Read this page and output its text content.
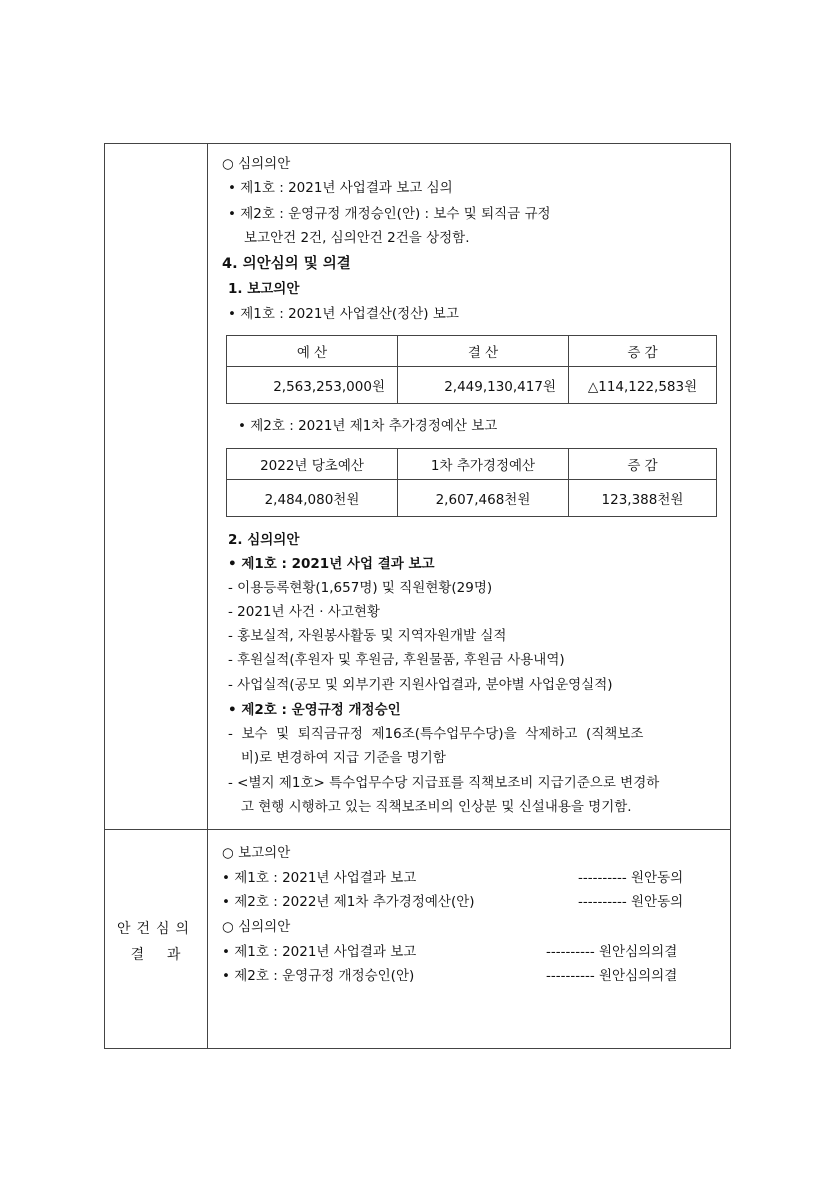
안건심의
결    과
○ 심의의안
• 제1호 : 2021년 사업결과 보고 심의
• 제2호 : 운영규정 개정승인(안) : 보수 및 퇴직금 규정
보고안건 2건, 심의안건 2건을 상정함.
4. 의안심의 및 의결
1. 보고의안
• 제1호 : 2021년 사업결산(정산) 보고
예 산	결 산	증 감
2,563,253,000원	2,449,130,417원	△114,122,583원
• 제2호 : 2021년 제1차 추가경정예산 보고
2022년 당초예산	1차 추가경정예산	증 감
2,484,080천원	2,607,468천원	123,388천원
2. 심의의안
• 제1호 : 2021년 사업 결과 보고
- 이용등록현황(1,657명) 및 직원현황(29명)
- 2021년 사건 · 사고현황
- 홍보실적, 자원봉사활동 및 지역자원개발 실적
- 후원실적(후원자 및 후원금, 후원물품, 후원금 사용내역)
- 사업실적(공모 및 외부기관 지원사업결과, 분야별 사업운영실적)
• 제2호 : 운영규정 개정승인
-  보수  및  퇴직금규정  제16조(특수업무수당)을  삭제하고  (직책보조
비)로 변경하여 지급 기준을 명기함
- <별지 제1호> 특수업무수당 지급표를 직책보조비 지급기준으로 변경하
고 현행 시행하고 있는 직책보조비의 인상분 및 신설내용을 명기함.
○ 보고의안
• 제1호 : 2021년 사업결과 보고	---------- 원안동의
• 제2호 : 2022년 제1차 추가경정예산(안)	---------- 원안동의
○ 심의의안
• 제1호 : 2021년 사업결과 보고	---------- 원안심의의결
• 제2호 : 운영규정 개정승인(안)	---------- 원안심의의결
